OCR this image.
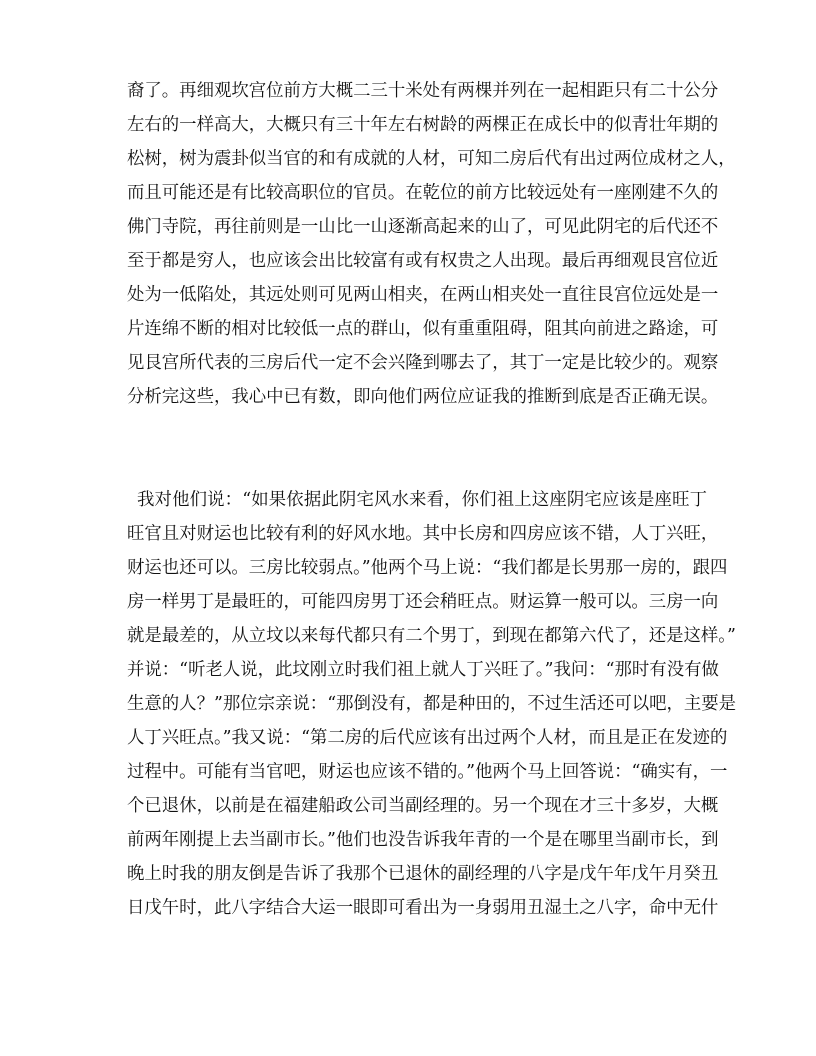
裔了。再细观坎宫位前方大概二三十米处有两棵并列在一起相距只有二十公分
左右的一样高大，大概只有三十年左右树龄的两棵正在成长中的似青壮年期的
松树，树为震卦似当官的和有成就的人材，可知二房后代有出过两位成材之人，
而且可能还是有比较高职位的官员。在乾位的前方比较远处有一座刚建不久的
佛门寺院，再往前则是一山比一山逐渐高起来的山了，可见此阴宅的后代还不
至于都是穷人，也应该会出比较富有或有权贵之人出现。最后再细观艮宫位近
处为一低陷处，其远处则可见两山相夹，在两山相夹处一直往艮宫位远处是一
片连绵不断的相对比较低一点的群山，似有重重阻碍，阻其向前进之路途，可
见艮宫所代表的三房后代一定不会兴隆到哪去了，其丁一定是比较少的。观察
分析完这些，我心中已有数，即向他们两位应证我的推断到底是否正确无误。
我对他们说：“如果依据此阴宅风水来看，你们祖上这座阴宅应该是座旺丁
旺官且对财运也比较有利的好风水地。其中长房和四房应该不错，人丁兴旺，
财运也还可以。三房比较弱点。”他两个马上说：“我们都是长男那一房的，跟四
房一样男丁是最旺的，可能四房男丁还会稍旺点。财运算一般可以。三房一向
就是最差的，从立坟以来每代都只有二个男丁，到现在都第六代了，还是这样。”
并说：“听老人说，此坟刚立时我们祖上就人丁兴旺了。”我问：“那时有没有做
生意的人？”那位宗亲说：“那倒没有，都是种田的，不过生活还可以吧，主要是
人丁兴旺点。”我又说：“第二房的后代应该有出过两个人材，而且是正在发迹的
过程中。可能有当官吧，财运也应该不错的。”他两个马上回答说：“确实有，一
个已退休，以前是在福建船政公司当副经理的。另一个现在才三十多岁，大概
前两年刚提上去当副市长。”他们也没告诉我年青的一个是在哪里当副市长，到
晚上时我的朋友倒是告诉了我那个已退休的副经理的八字是戊午年戊午月癸丑
日戊午时，此八字结合大运一眼即可看出为一身弱用丑湿土之八字，命中无什
